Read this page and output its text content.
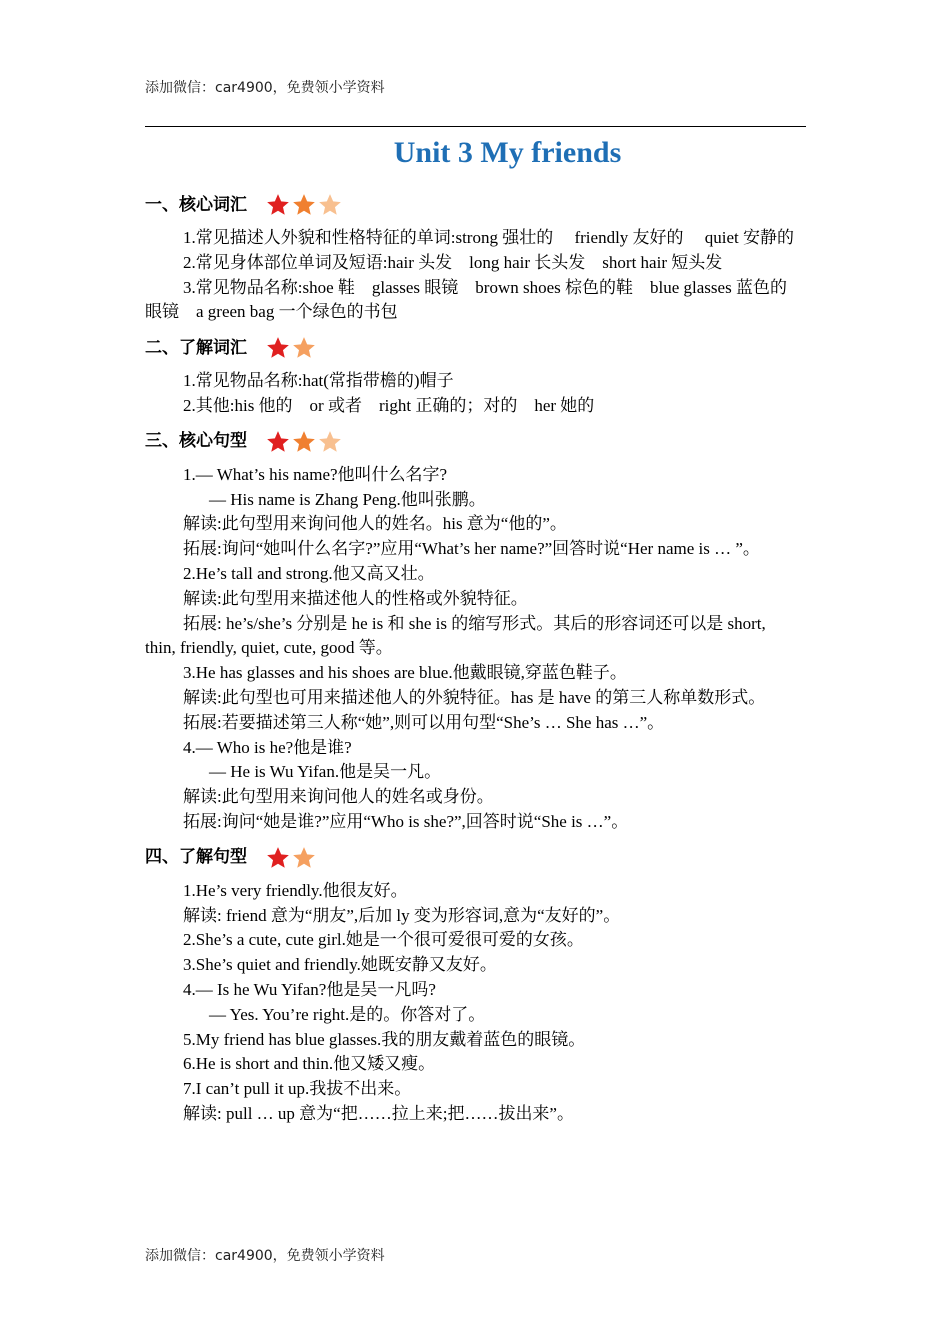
添加微信：car4900，免费领小学资料
Unit 3 My friends
一、核心词汇

1.常见描述人外貌和性格特征的单词:strong 强壮的　 friendly 友好的　 quiet 安静的

2.常见身体部位单词及短语:hair 头发　long hair 长头发　short hair 短头发

3.常见物品名称:shoe 鞋　glasses 眼镜　brown shoes 棕色的鞋　blue glasses 蓝色的眼镜　a green bag 一个绿色的书包

二、了解词汇

1.常见物品名称:hat(常指带檐的)帽子

2.其他:his 他的　or 或者　right 正确的；对的　her 她的

三、核心句型

1.— What’s his name?他叫什么名字?

— His name is Zhang Peng.他叫张鹏。

解读:此句型用来询问他人的姓名。his 意为“他的”。

拓展:询问“她叫什么名字?”应用“What’s her name?”回答时说“Her name is … ”。

2.He’s tall and strong.他又高又壮。

解读:此句型用来描述他人的性格或外貌特征。

拓展: he’s/she’s 分别是 he is 和 she is 的缩写形式。其后的形容词还可以是 short, thin, friendly, quiet, cute, good 等。

3.He has glasses and his shoes are blue.他戴眼镜,穿蓝色鞋子。

解读:此句型也可用来描述他人的外貌特征。has 是 have 的第三人称单数形式。

拓展:若要描述第三人称“她”,则可以用句型“She’s … She has …”。

4.— Who is he?他是谁?

— He is Wu Yifan.他是吴一凡。

解读:此句型用来询问他人的姓名或身份。

拓展:询问“她是谁?”应用“Who is she?”,回答时说“She is …”。

四、了解句型

1.He’s very friendly.他很友好。

解读: friend 意为“朋友”,后加 ly 变为形容词,意为“友好的”。

2.She’s a cute, cute girl.她是一个很可爱很可爱的女孩。

3.She’s quiet and friendly.她既安静又友好。

4.— Is he Wu Yifan?他是吴一凡吗?

— Yes. You’re right.是的。你答对了。

5.My friend has blue glasses.我的朋友戴着蓝色的眼镜。

6.He is short and thin.他又矮又瘦。

7.I can’t pull it up.我拔不出来。

解读: pull … up 意为“把……拉上来;把……拔出来”。

添加微信：car4900，免费领小学资料
